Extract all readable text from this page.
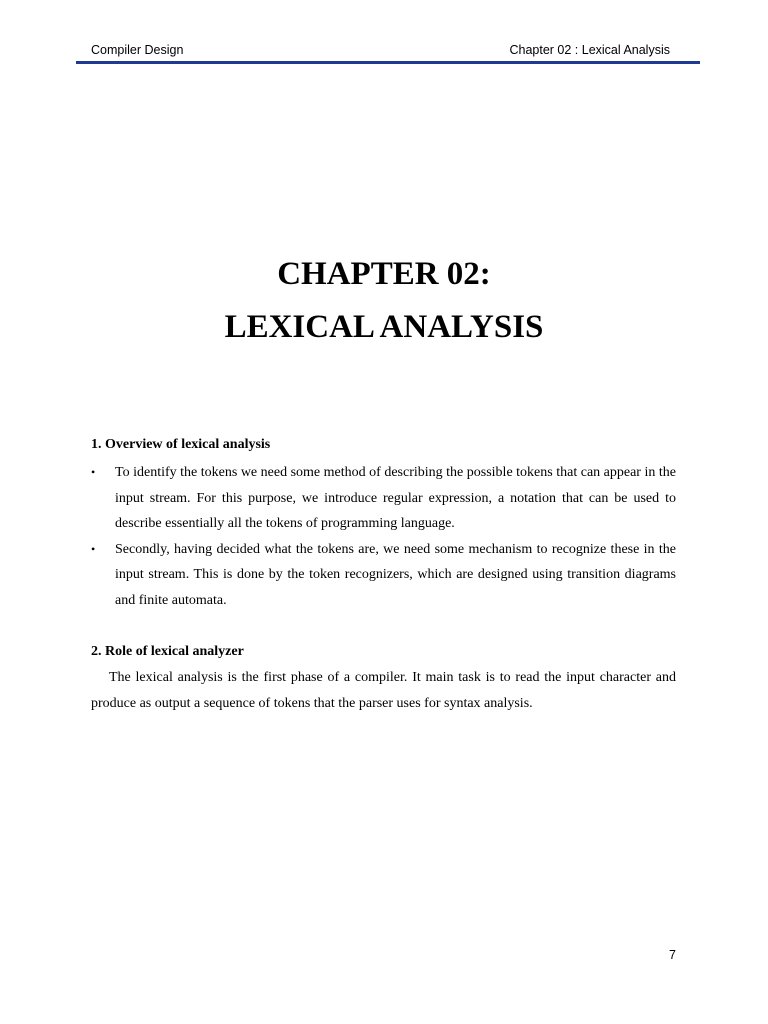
Compiler Design	Chapter 02 : Lexical Analysis
CHAPTER 02:
LEXICAL ANALYSIS

1. Overview of lexical analysis

•	To identify the tokens we need some method of describing the possible tokens that can appear in the input stream. For this purpose, we introduce regular expression, a notation that can be used to describe essentially all the tokens of programming language.
•	Secondly, having decided what the tokens are, we need some mechanism to recognize these in the input stream. This is done by the token recognizers, which are designed using transition diagrams and finite automata.

2. Role of lexical analyzer

The lexical analysis is the first phase of a compiler. It main task is to read the input character and produce as output a sequence of tokens that the parser uses for syntax analysis.

7
